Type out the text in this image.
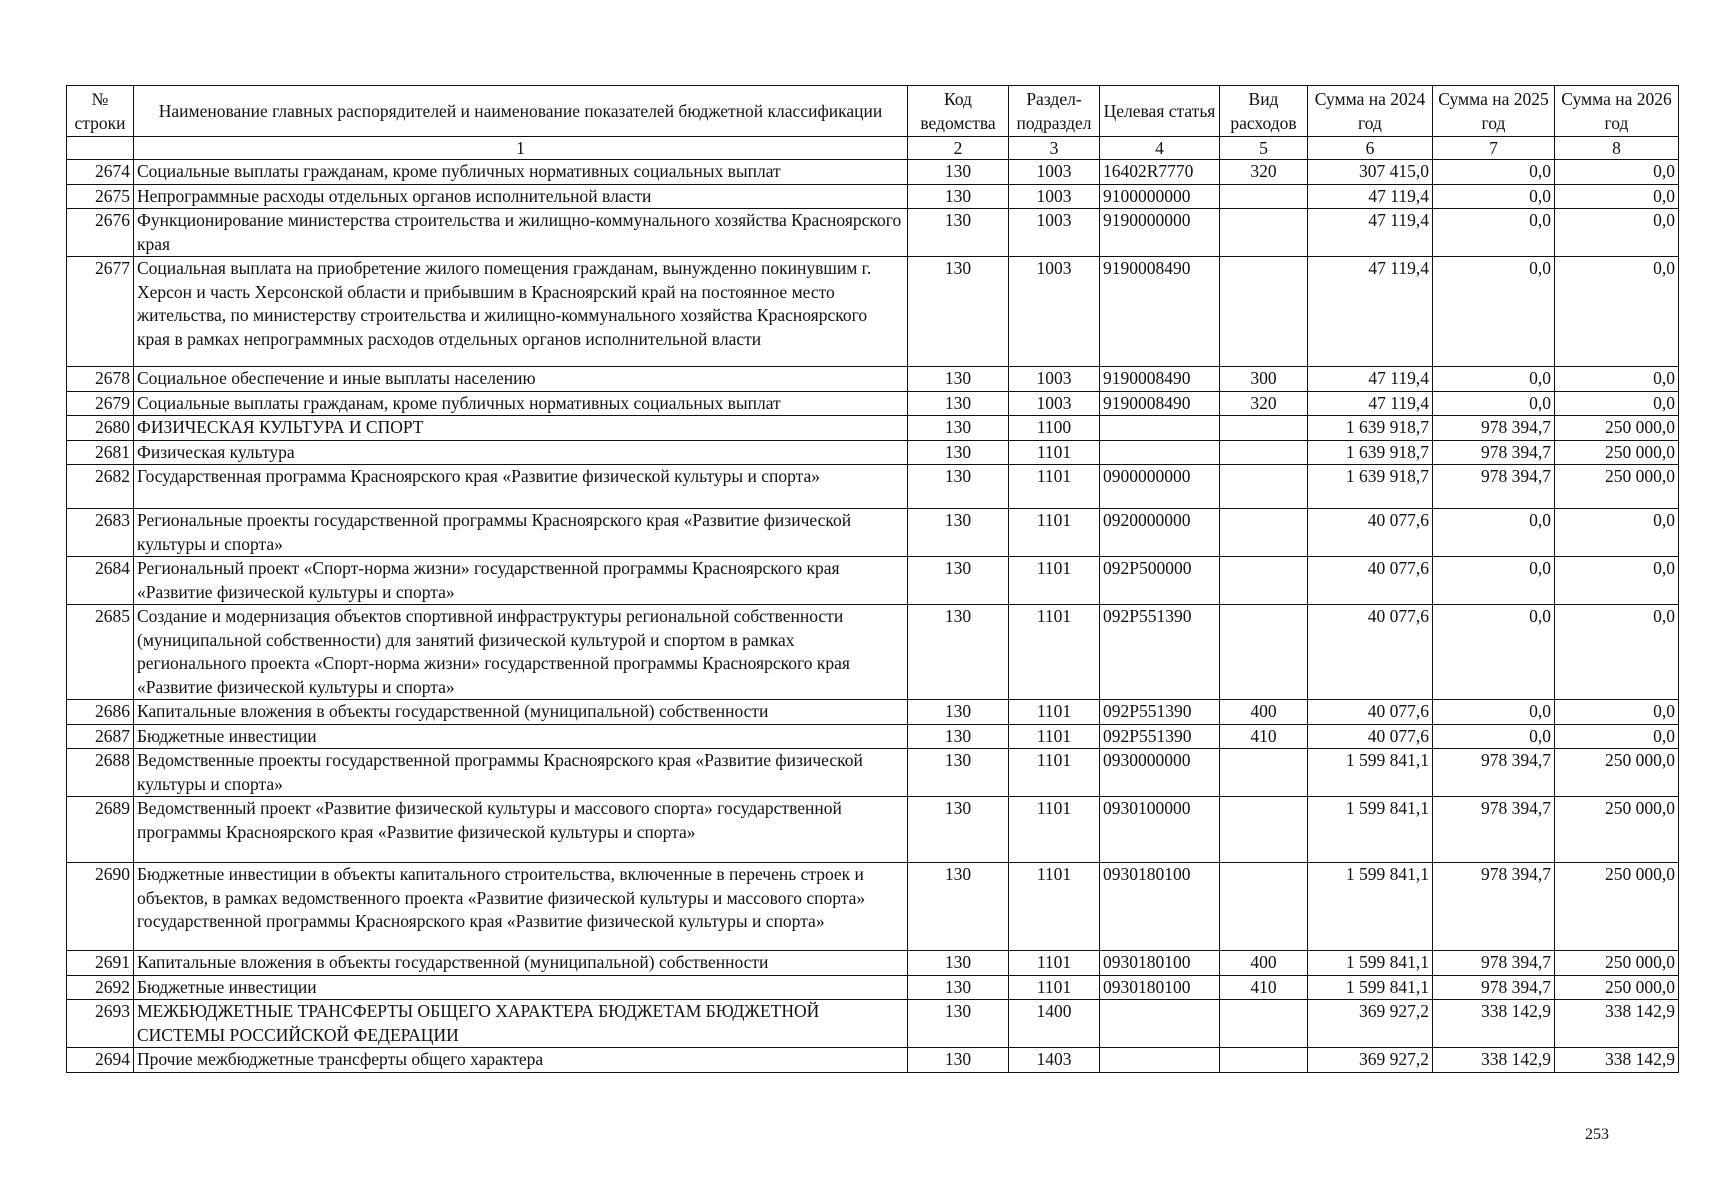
№ строки	Наименование главных распорядителей и наименование показателей бюджетной классификации	Код ведомства	Раздел-подраздел	Целевая статья	Вид расходов	Сумма на 2024 год	Сумма на 2025 год	Сумма на 2026 год
	1	2	3	4	5	6	7	8
2674	Социальные выплаты гражданам, кроме публичных нормативных социальных выплат	130	1003	16402R7770	320	307 415,0	0,0	0,0
2675	Непрограммные расходы отдельных органов исполнительной власти	130	1003	9100000000		47 119,4	0,0	0,0
2676	Функционирование министерства строительства и жилищно-коммунального хозяйства Красноярского края	130	1003	9190000000		47 119,4	0,0	0,0
2677	Социальная выплата на приобретение жилого помещения гражданам, вынужденно покинувшим г. Херсон и часть Херсонской области и прибывшим в Красноярский край на постоянное место жительства, по министерству строительства и жилищно-коммунального хозяйства Красноярского края в рамках непрограммных расходов отдельных органов исполнительной власти	130	1003	9190008490		47 119,4	0,0	0,0
2678	Социальное обеспечение и иные выплаты населению	130	1003	9190008490	300	47 119,4	0,0	0,0
2679	Социальные выплаты гражданам, кроме публичных нормативных социальных выплат	130	1003	9190008490	320	47 119,4	0,0	0,0
2680	ФИЗИЧЕСКАЯ КУЛЬТУРА И СПОРТ	130	1100			1 639 918,7	978 394,7	250 000,0
2681	Физическая культура	130	1101			1 639 918,7	978 394,7	250 000,0
2682	Государственная программа Красноярского края «Развитие физической культуры и спорта»	130	1101	0900000000		1 639 918,7	978 394,7	250 000,0
2683	Региональные проекты государственной программы Красноярского края «Развитие физической культуры и спорта»	130	1101	0920000000		40 077,6	0,0	0,0
2684	Региональный проект «Спорт-норма жизни» государственной программы Красноярского края «Развитие физической культуры и спорта»	130	1101	092P500000		40 077,6	0,0	0,0
2685	Создание и модернизация объектов спортивной инфраструктуры региональной собственности (муниципальной собственности) для занятий физической культурой и спортом в рамках регионального проекта «Спорт-норма жизни» государственной программы Красноярского края «Развитие физической культуры и спорта»	130	1101	092P551390		40 077,6	0,0	0,0
2686	Капитальные вложения в объекты государственной (муниципальной) собственности	130	1101	092P551390	400	40 077,6	0,0	0,0
2687	Бюджетные инвестиции	130	1101	092P551390	410	40 077,6	0,0	0,0
2688	Ведомственные проекты государственной программы Красноярского края «Развитие физической культуры и спорта»	130	1101	0930000000		1 599 841,1	978 394,7	250 000,0
2689	Ведомственный проект «Развитие физической культуры и массового спорта» государственной программы Красноярского края «Развитие физической культуры и спорта»	130	1101	0930100000		1 599 841,1	978 394,7	250 000,0
2690	Бюджетные инвестиции в объекты капитального строительства, включенные в перечень строек и объектов, в рамках ведомственного проекта «Развитие физической культуры и массового спорта» государственной программы Красноярского края «Развитие физической культуры и спорта»	130	1101	0930180100		1 599 841,1	978 394,7	250 000,0
2691	Капитальные вложения в объекты государственной (муниципальной) собственности	130	1101	0930180100	400	1 599 841,1	978 394,7	250 000,0
2692	Бюджетные инвестиции	130	1101	0930180100	410	1 599 841,1	978 394,7	250 000,0
2693	МЕЖБЮДЖЕТНЫЕ ТРАНСФЕРТЫ ОБЩЕГО ХАРАКТЕРА БЮДЖЕТАМ БЮДЖЕТНОЙ СИСТЕМЫ РОССИЙСКОЙ ФЕДЕРАЦИИ	130	1400			369 927,2	338 142,9	338 142,9
2694	Прочие межбюджетные трансферты общего характера	130	1403			369 927,2	338 142,9	338 142,9
253
